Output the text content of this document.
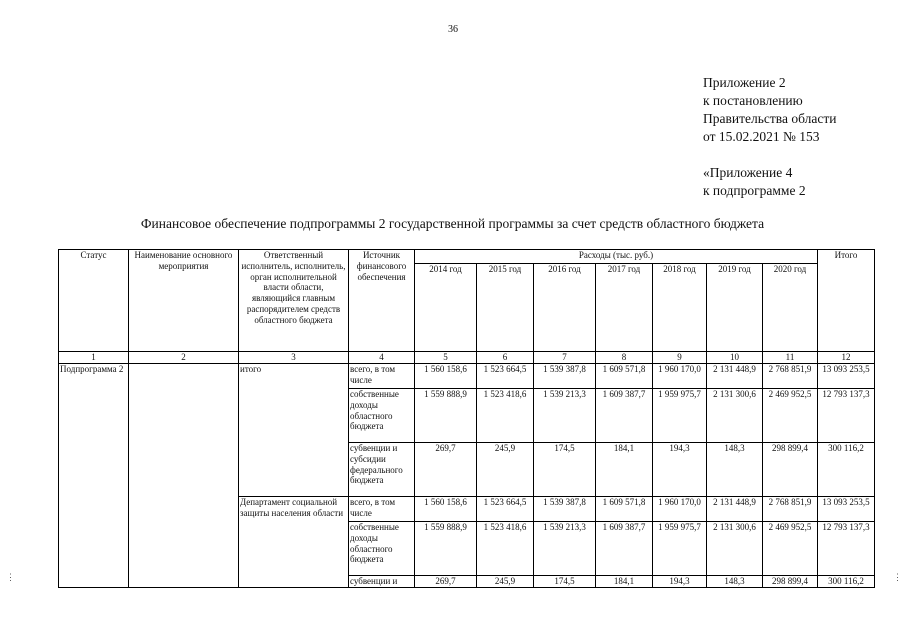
36
Приложение 2
к постановлению
Правительства области
от 15.02.2021 № 153
«Приложение 4
к подпрограмме 2
Финансовое обеспечение подпрограммы 2 государственной программы за счет средств областного бюджета
Статус	Наименование основного мероприятия	Ответственный исполнитель, исполнитель, орган исполнительной власти области, являющийся главным распорядителем средств областного бюджета	Источник финансового обеспечения	Расходы (тыс. руб.)							Итого
				2014 год	2015 год	2016 год	2017 год	2018 год	2019 год	2020 год	
1	2	3	4	5	6	7	8	9	10	11	12
Подпрограмма 2		итого	всего, в том числе	1 560 158,6	1 523 664,5	1 539 387,8	1 609 571,8	1 960 170,0	2 131 448,9	2 768 851,9	13 093 253,5
			собственные доходы областного бюджета	1 559 888,9	1 523 418,6	1 539 213,3	1 609 387,7	1 959 975,7	2 131 300,6	2 469 952,5	12 793 137,3
			субвенции и субсидии федерального бюджета	269,7	245,9	174,5	184,1	194,3	148,3	298 899,4	300 116,2
		Департамент социальной защиты населения области	всего, в том числе	1 560 158,6	1 523 664,5	1 539 387,8	1 609 571,8	1 960 170,0	2 131 448,9	2 768 851,9	13 093 253,5
			собственные доходы областного бюджета	1 559 888,9	1 523 418,6	1 539 213,3	1 609 387,7	1 959 975,7	2 131 300,6	2 469 952,5	12 793 137,3
			субвенции и	269,7	245,9	174,5	184,1	194,3	148,3	298 899,4	300 116,2
⋮	⋮
